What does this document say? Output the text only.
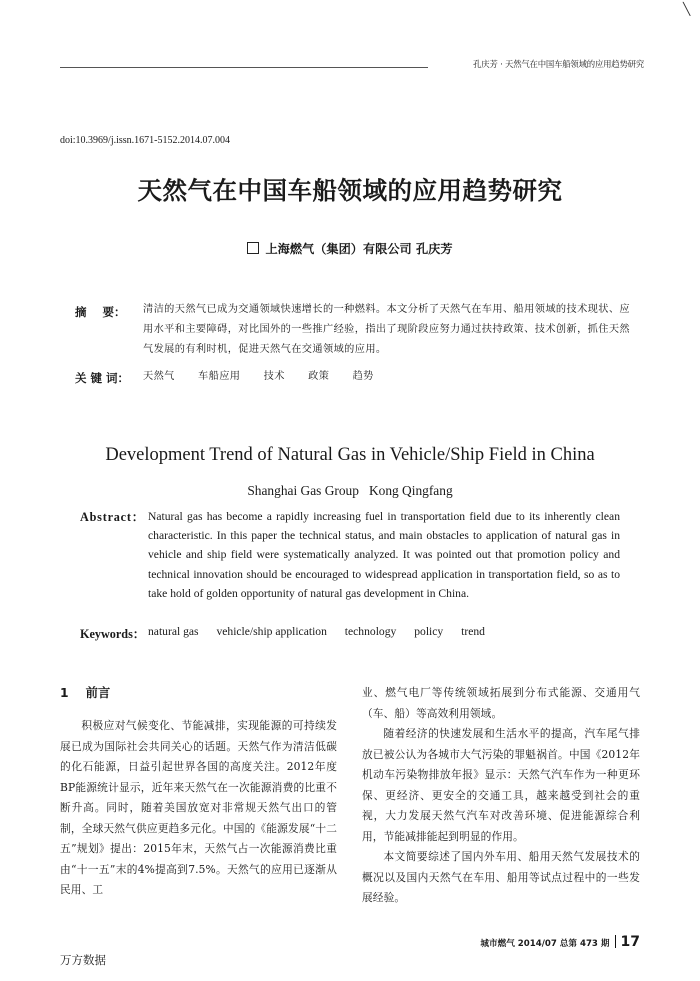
╲
孔庆芳 · 天然气在中国车船领域的应用趋势研究
doi:10.3969/j.issn.1671-5152.2014.07.004
天然气在中国车船领域的应用趋势研究
上海燃气（集团）有限公司 孔庆芳
摘    要： 清洁的天然气已成为交通领域快速增长的一种燃料。本文分析了天然气在车用、船用领域的技术现状、应用水平和主要障碍，对比国外的一些推广经验，指出了现阶段应努力通过扶持政策、技术创新，抓住天然气发展的有利时机，促进天然气在交通领域的应用。
关 键 词： 天然气  车船应用  技术  政策  趋势
Development Trend of Natural Gas in Vehicle/Ship Field in China
Shanghai Gas Group   Kong Qingfang
Abstract： Natural gas has become a rapidly increasing fuel in transportation field due to its inherently clean characteristic. In this paper the technical status, and main obstacles to application of natural gas in vehicle and ship field were systematically analyzed. It was pointed out that promotion policy and technical innovation should be encouraged to widespread application in transportation field, so as to take hold of golden opportunity of natural gas development in China.
Keywords： natural gas vehicle/ship application technology policy trend
1 前言

积极应对气候变化、节能减排，实现能源的可持续发展已成为国际社会共同关心的话题。天然气作为清洁低碳的化石能源，日益引起世界各国的高度关注。2012年度BP能源统计显示，近年来天然气在一次能源消费的比重不断升高。同时，随着美国放宽对非常规天然气出口的管制，全球天然气供应更趋多元化。中国的《能源发展“十二五”规划》提出：2015年末，天然气占一次能源消费比重由“十一五”末的4%提高到7.5%。天然气的应用已逐渐从民用、工

业、燃气电厂等传统领域拓展到分布式能源、交通用气（车、船）等高效利用领域。

随着经济的快速发展和生活水平的提高，汽车尾气排放已被公认为各城市大气污染的罪魁祸首。中国《2012年机动车污染物排放年报》显示：天然气汽车作为一种更环保、更经济、更安全的交通工具，越来越受到社会的重视，大力发展天然气汽车对改善环境、促进能源综合利用，节能减排能起到明显的作用。

本文简要综述了国内外车用、船用天然气发展技术的概况以及国内天然气在车用、船用等试点过程中的一些发展经验。

城市燃气 2014/07 总第 473 期 17
万方数据
